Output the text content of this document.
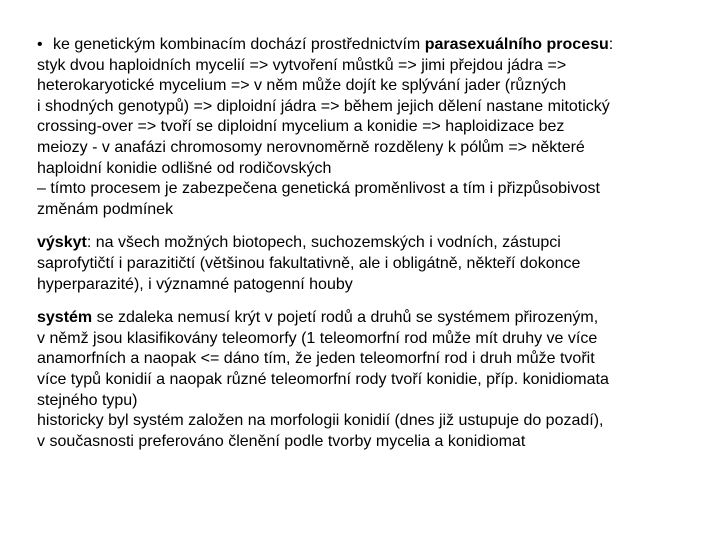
• ke genetickým kombinacím dochází prostřednictvím parasexuálního procesu:
styk dvou haploidních mycelií => vytvoření můstků => jimi přejdou jádra =>
heterokaryotické mycelium => v něm může dojít ke splývání jader (různých
i shodných genotypů) => diploidní jádra => během jejich dělení nastane mitotický
crossing-over => tvoří se diploidní mycelium a konidie => haploidizace bez
meiozy - v anafázi chromosomy nerovnoměrně rozděleny k pólům => některé
haploidní konidie odlišné od rodičovských
– tímto procesem je zabezpečena genetická proměnlivost a tím i přizpůsobivost
změnám podmínek

výskyt: na všech možných biotopech, suchozemských i vodních, zástupci
saprofytičtí i parazitičtí (většinou fakultativně, ale i obligátně, někteří dokonce
hyperparazité), i významné patogenní houby

systém se zdaleka nemusí krýt v pojetí rodů a druhů se systémem přirozeným,
v němž jsou klasifikovány teleomorfy (1 teleomorfní rod může mít druhy ve více
anamorfních a naopak <= dáno tím, že jeden teleomorfní rod i druh může tvořit
více typů konidií a naopak různé teleomorfní rody tvoří konidie, příp. konidiomata
stejného typu)
historicky byl systém založen na morfologii konidií (dnes již ustupuje do pozadí),
v současnosti preferováno členění podle tvorby mycelia a konidiomat
